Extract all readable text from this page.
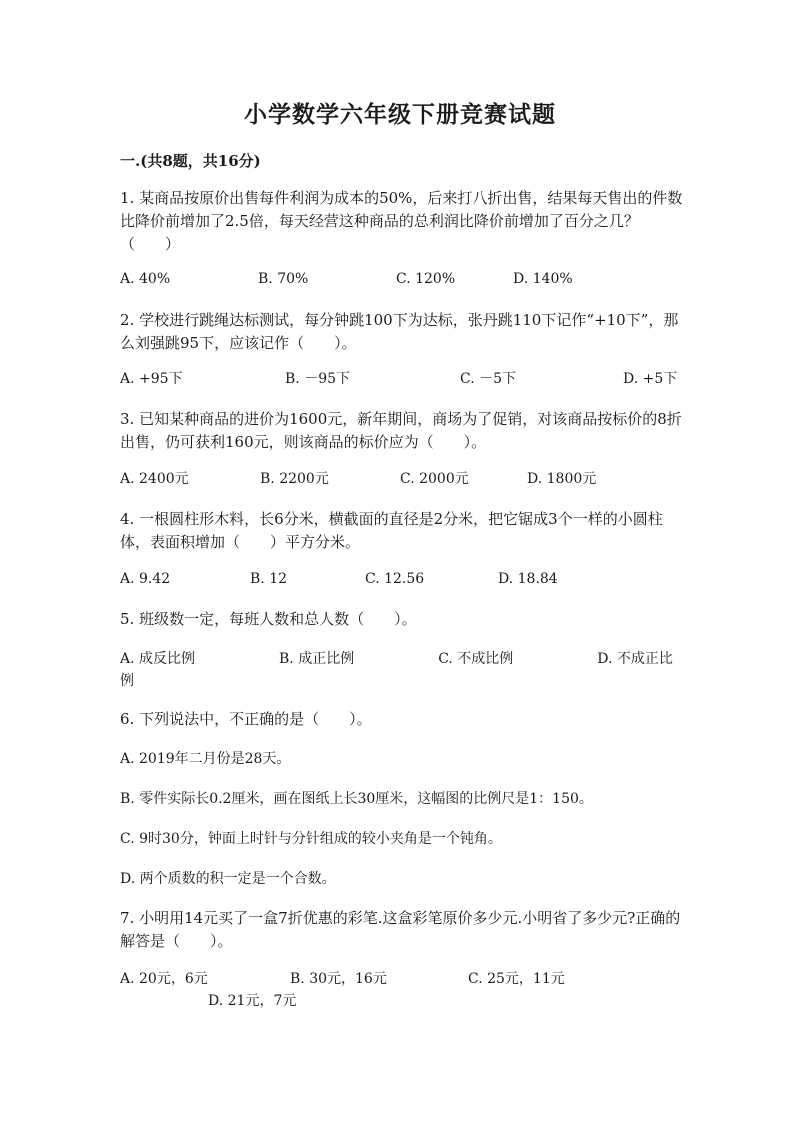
小学数学六年级下册竞赛试题
一.(共8题，共16分)
1. 某商品按原价出售每件利润为成本的50%，后来打八折出售，结果每天售出的件数比降价前增加了2.5倍，每天经营这种商品的总利润比降价前增加了百分之几？（　　）
A. 40%	B. 70%	C. 120%	D. 140%
2. 学校进行跳绳达标测试，每分钟跳100下为达标，张丹跳110下记作“+10下”，那么刘强跳95下，应该记作（　　）。
A. +95下	B. －95下	C. －5下	D. +5下
3. 已知某种商品的进价为1600元，新年期间，商场为了促销，对该商品按标价的8折出售，仍可获利160元，则该商品的标价应为（　　）。
A. 2400元	B. 2200元	C. 2000元	D. 1800元
4. 一根圆柱形木料，长6分米，横截面的直径是2分米，把它锯成3个一样的小圆柱体，表面积增加（　　）平方分米。
A. 9.42	B. 12	C. 12.56	D. 18.84
5. 班级数一定，每班人数和总人数（　　）。
A. 成反比例　　　　　　B. 成正比例　　　　　　C. 不成比例　　　　　　D. 不成正比例
6. 下列说法中，不正确的是（　　）。
A. 2019年二月份是28天。
B. 零件实际长0.2厘米，画在图纸上长30厘米，这幅图的比例尺是1：150。
C. 9时30分，钟面上时针与分针组成的较小夹角是一个钝角。
D. 两个质数的积一定是一个合数。
7. 小明用14元买了一盒7折优惠的彩笔.这盒彩笔原价多少元.小明省了多少元?正确的解答是（　　）。
A. 20元，6元	B. 30元，16元	C. 25元，11元
D. 21元，7元
